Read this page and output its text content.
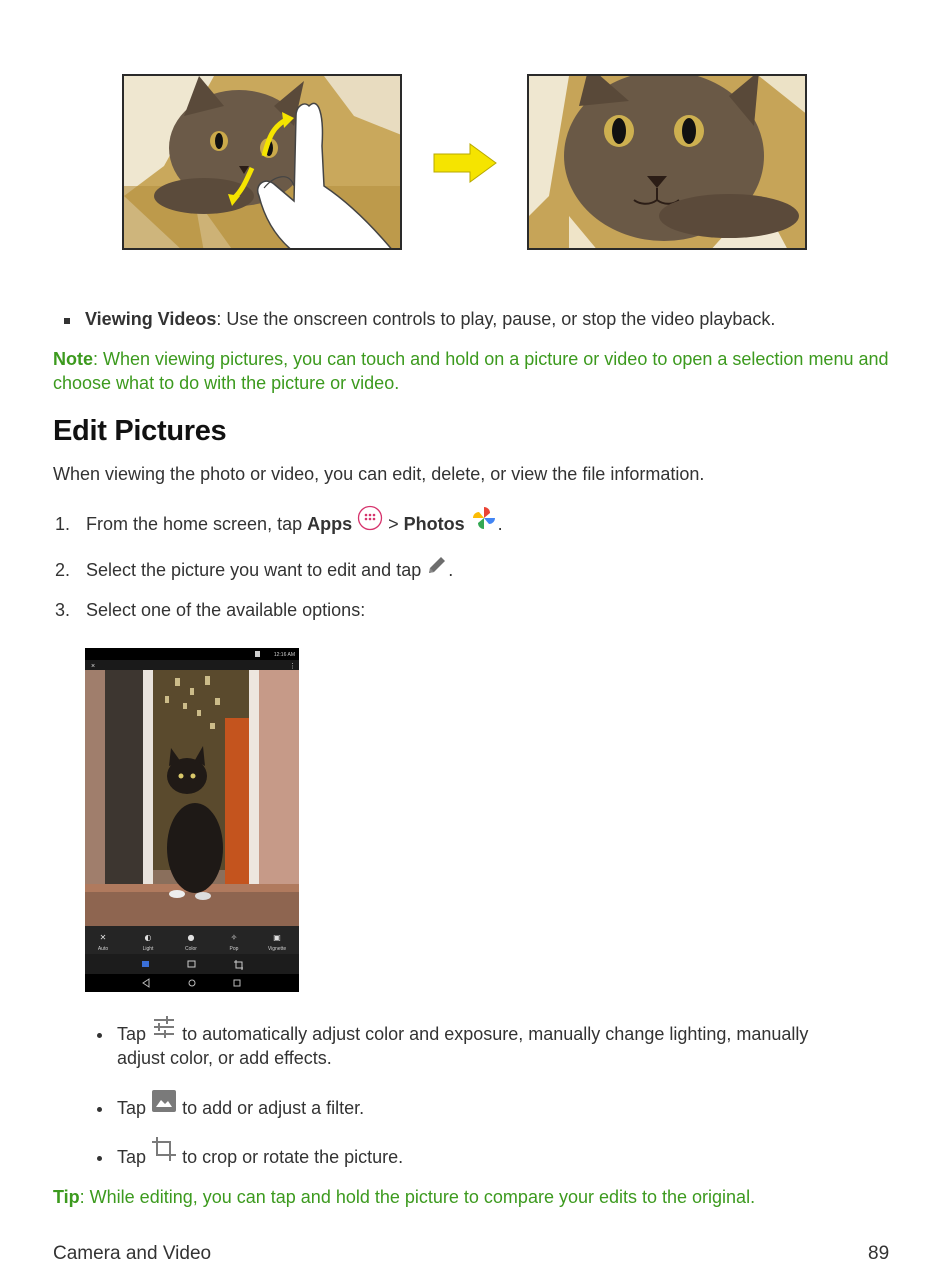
Viewing Videos: Use the onscreen controls to play, pause, or stop the video playback.
Note: When viewing pictures, you can touch and hold on a picture or video to open a selection menu and choose what to do with the picture or video.
Edit Pictures
When viewing the photo or video, you can edit, delete, or view the file information.
1. From the home screen, tap Apps  > Photos .
2. Select the picture you want to edit and tap .
3. Select one of the available options:
12:16 AM
×	⋮
✕	◐	●	✧	▣
Auto	Light	Color	Pop	Vignette
Tap to automatically adjust color and exposure, manually change lighting, manually
adjust color, or add effects.
Tap to add or adjust a filter.
Tap to crop or rotate the picture.
Tip: While editing, you can tap and hold the picture to compare your edits to the original.
Camera and Video	89
